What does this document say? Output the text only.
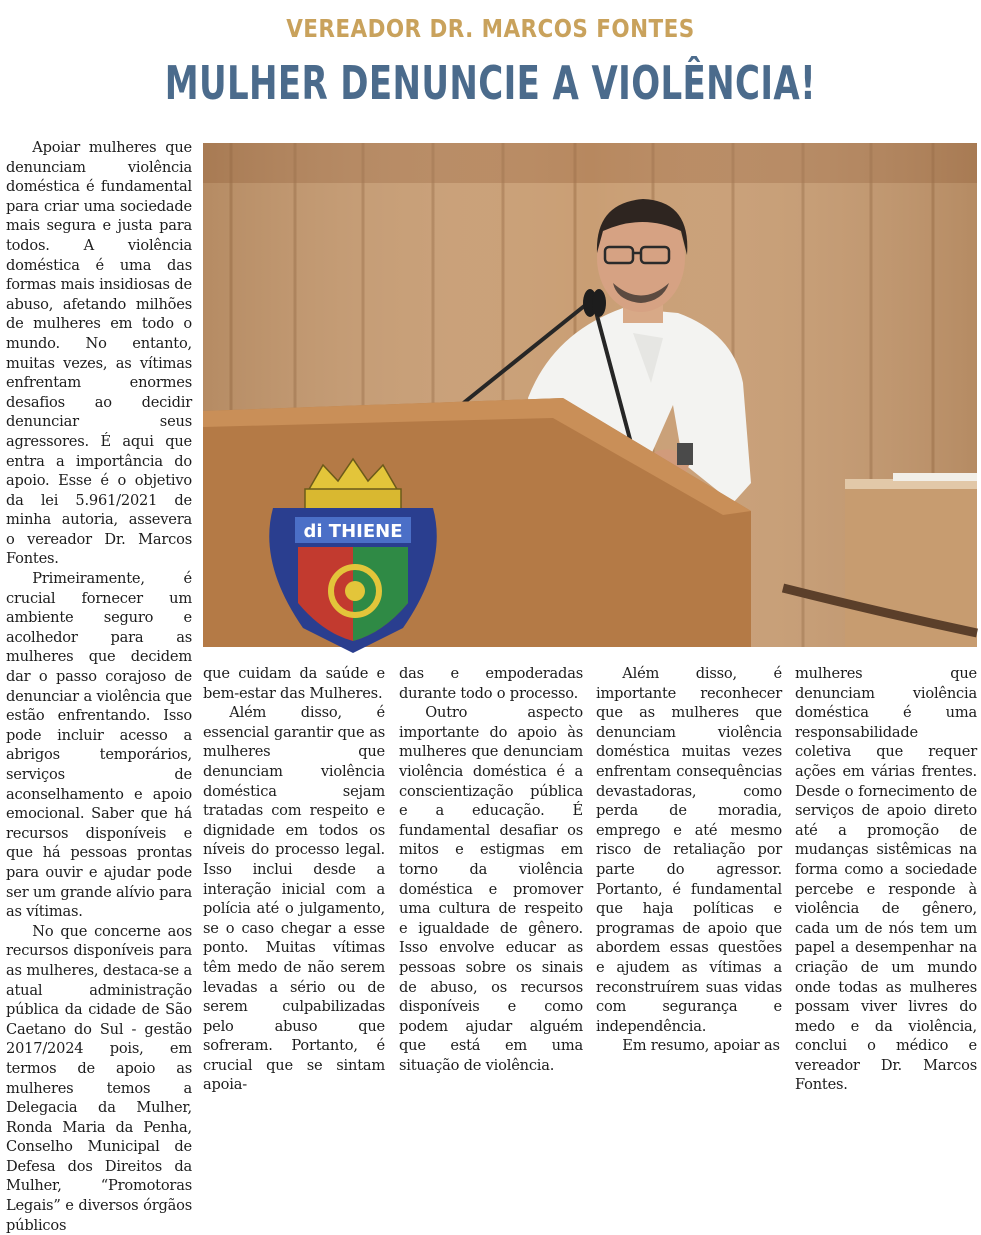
VEREADOR DR. MARCOS FONTES
MULHER DENUNCIE A VIOLÊNCIA!
di THIENE

Apoiar mulheres que denunciam violência doméstica é fundamental para criar uma sociedade mais segura e justa para todos. A violência doméstica é uma das formas mais insidiosas de abuso, afetando milhões de mulheres em todo o mundo. No entanto, muitas vezes, as vítimas enfrentam enormes desafios ao decidir denunciar seus agressores. É aqui que entra a importância do apoio. Esse é o objetivo da lei 5.961/2021 de minha autoria, assevera o vereador Dr. Marcos Fontes.

Primeiramente, é crucial fornecer um ambiente seguro e acolhedor para as mulheres que decidem dar o passo corajoso de denunciar a violência que estão enfrentando. Isso pode incluir acesso a abrigos temporários, serviços de aconselhamento e apoio emocional. Saber que há recursos disponíveis e que há pessoas prontas para ouvir e ajudar pode ser um grande alívio para as vítimas.

No que concerne aos recursos disponíveis para as mulheres, destaca-se a atual administração pública da cidade de São Caetano do Sul - gestão 2017/2024 pois, em termos de apoio as mulheres temos a Delegacia da Mulher, Ronda Maria da Penha, Conselho Municipal de Defesa dos Direitos da Mulher, “Promotoras Legais” e diversos órgãos públicos

que cuidam da saúde e bem-estar das Mulheres.

Além disso, é essencial garantir que as mulheres que denunciam violência doméstica sejam tratadas com respeito e dignidade em todos os níveis do processo legal. Isso inclui desde a interação inicial com a polícia até o julgamento, se o caso chegar a esse ponto. Muitas vítimas têm medo de não serem levadas a sério ou de serem culpabilizadas pelo abuso que sofreram. Portanto, é crucial que se sintam apoia-

das e empoderadas durante todo o processo.

Outro aspecto importante do apoio às mulheres que denunciam violência doméstica é a conscientização pública e a educação. É fundamental desafiar os mitos e estigmas em torno da violência doméstica e promover uma cultura de respeito e igualdade de gênero. Isso envolve educar as pessoas sobre os sinais de abuso, os recursos disponíveis e como podem ajudar alguém que está em uma situação de violência.

Além disso, é importante reconhecer que as mulheres que denunciam violência doméstica muitas vezes enfrentam consequências devastadoras, como perda de moradia, emprego e até mesmo risco de retaliação por parte do agressor. Portanto, é fundamental que haja políticas e programas de apoio que abordem essas questões e ajudem as vítimas a reconstruírem suas vidas com segurança e independência.

Em resumo, apoiar as

mulheres que denunciam violência doméstica é uma responsabilidade coletiva que requer ações em várias frentes. Desde o fornecimento de serviços de apoio direto até a promoção de mudanças sistêmicas na forma como a sociedade percebe e responde à violência de gênero, cada um de nós tem um papel a desempenhar na criação de um mundo onde todas as mulheres possam viver livres do medo e da violência, conclui o médico e vereador Dr. Marcos Fontes.
